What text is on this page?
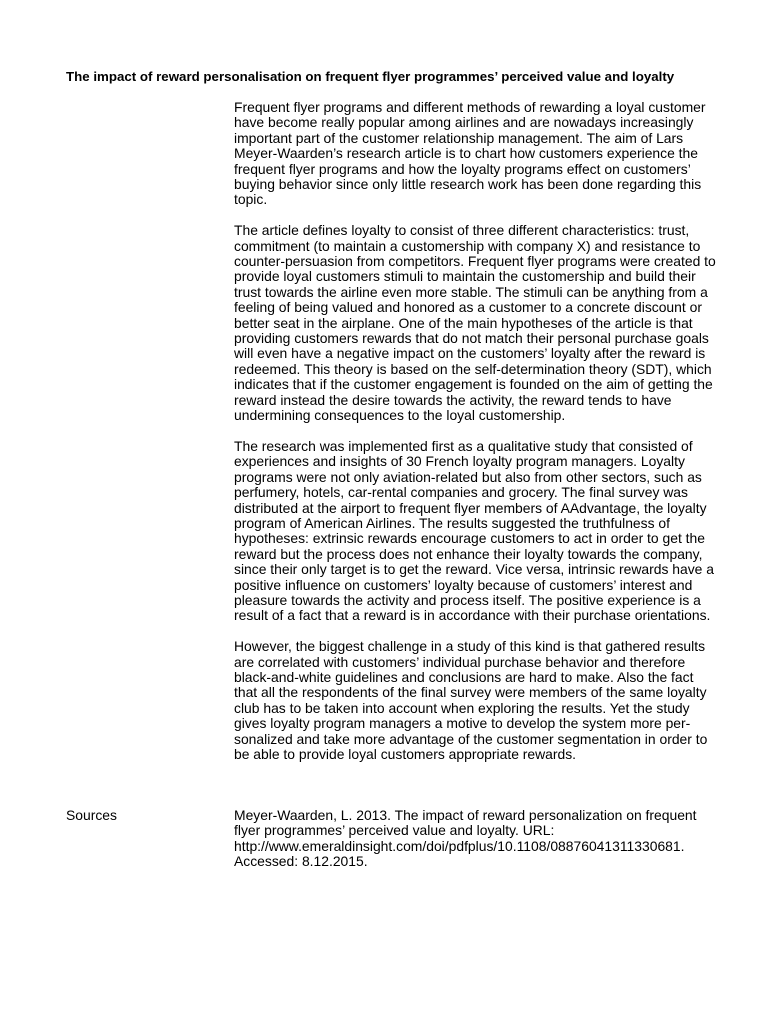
The impact of reward personalisation on frequent flyer programmes’ perceived value and loyalty

Frequent flyer programs and different methods of rewarding a loyal customer have become really popular among airlines and are nowadays increasingly important part of the customer relationship management. The aim of Lars Meyer-Waarden’s research article is to chart how customers experience the frequent flyer programs and how the loyalty programs effect on customers’ buying behavior since only little research work has been done regarding this topic.

The article defines loyalty to consist of three different characteristics: trust, commitment (to maintain a customership with company X) and resistance to counter-persuasion from competitors. Frequent flyer programs were created to provide loyal customers stimuli to maintain the customership and build their trust towards the airline even more stable. The stimuli can be anything from a feeling of being valued and honored as a customer to a concrete discount or better seat in the airplane. One of the main hypotheses of the article is that providing customers rewards that do not match their personal purchase goals will even have a negative impact on the customers’ loyalty after the reward is redeemed. This theory is based on the self-determination theory (SDT), which indicates that if the customer engagement is founded on the aim of getting the reward instead the desire towards the activity, the reward tends to have undermining consequences to the loyal customership.

The research was implemented first as a qualitative study that consisted of experiences and insights of 30 French loyalty program managers. Loyalty programs were not only aviation-related but also from other sectors, such as perfumery, hotels, car-rental companies and grocery. The final survey was distributed at the airport to frequent flyer members of AAdvantage, the loyalty program of American Airlines. The results suggested the truthfulness of hypotheses: extrinsic rewards encourage customers to act in order to get the reward but the process does not enhance their loyalty towards the company, since their only target is to get the reward. Vice versa, intrinsic rewards have a positive influence on customers’ loyalty because of customers’ interest and pleasure towards the activity and process itself. The positive experience is a result of a fact that a reward is in accordance with their purchase orientations.

However, the biggest challenge in a study of this kind is that gathered results are correlated with customers’ individual purchase behavior and therefore black-and-white guidelines and conclusions are hard to make. Also the fact that all the respondents of the final survey were members of the same loyalty club has to be taken into account when exploring the results. Yet the study gives loyalty program managers a motive to develop the system more personalized and take more advantage of the customer segmentation in order to be able to provide loyal customers appropriate rewards.

Sources	Meyer-Waarden, L. 2013. The impact of reward personalization on frequent
flyer programmes’ perceived value and loyalty. URL:
http://www.emeraldinsight.com/doi/pdfplus/10.1108/08876041311330681.
Accessed: 8.12.2015.
